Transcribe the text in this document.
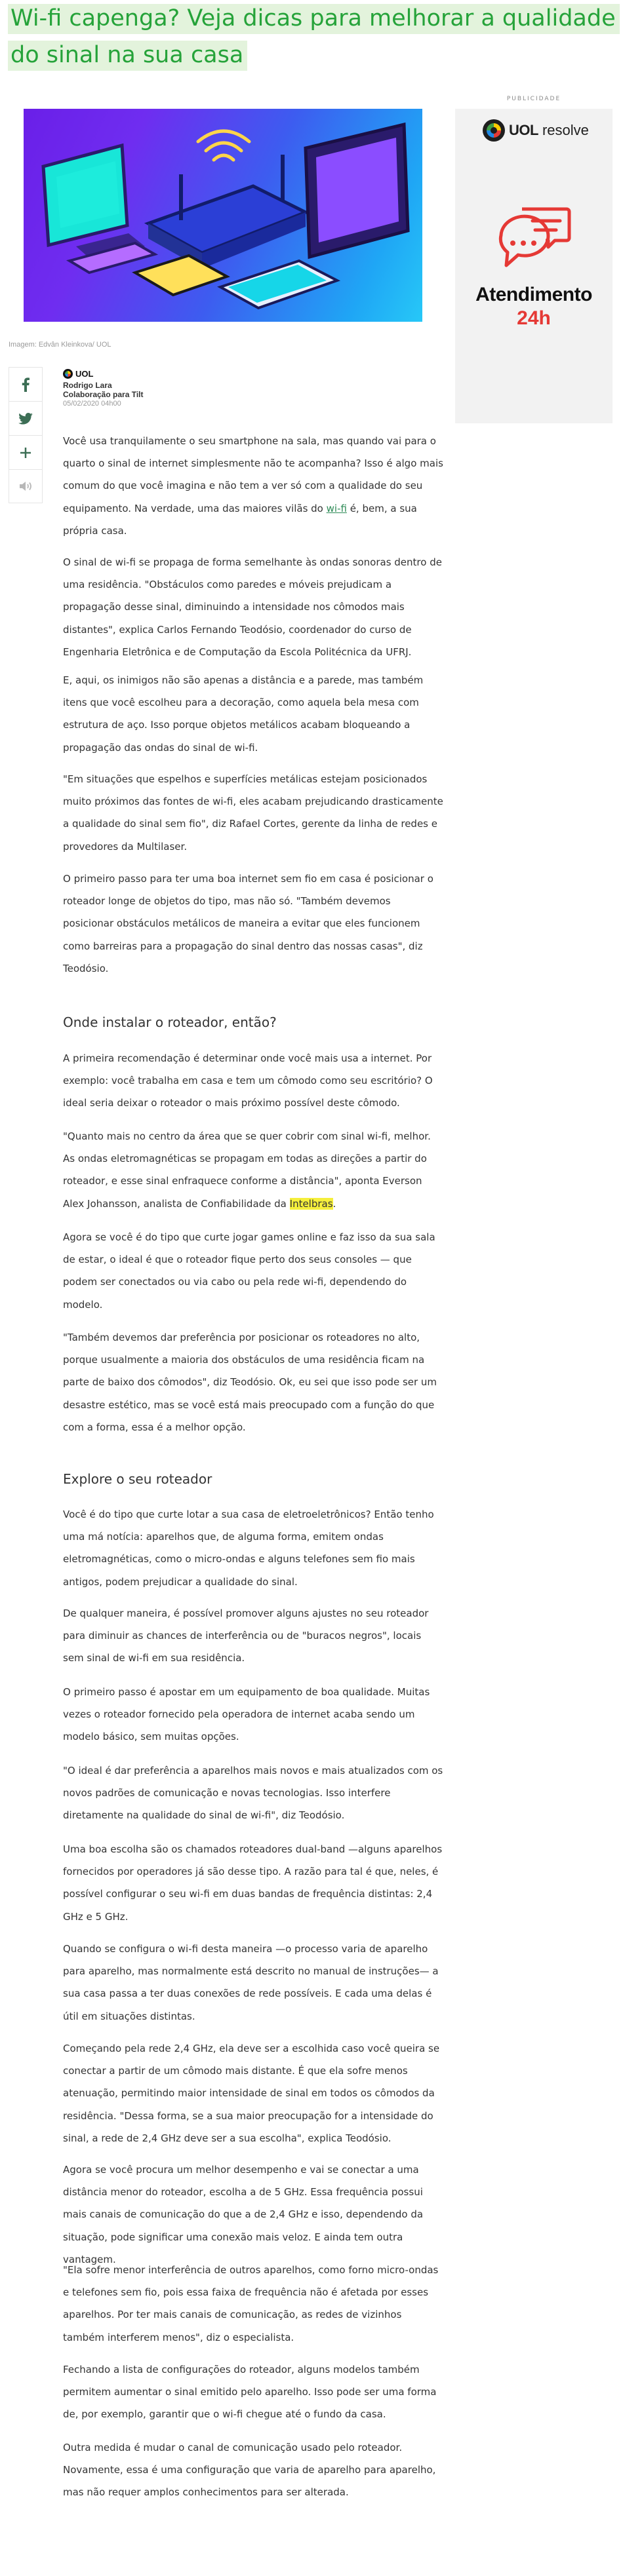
Wi-fi capenga? Veja dicas para melhorar a qualidade do sinal na sua casa
Imagem: Edvân Kleinkova/ UOL
PUBLICIDADE
UOL resolve
Atendimento
24h
UOL
Rodrigo Lara
Colaboração para Tilt
05/02/2020 04h00

Você usa tranquilamente o seu smartphone na sala, mas quando vai para o quarto o sinal de internet simplesmente não te acompanha? Isso é algo mais comum do que você imagina e não tem a ver só com a qualidade do seu equipamento. Na verdade, uma das maiores vilãs do wi-fi é, bem, a sua própria casa.

O sinal de wi-fi se propaga de forma semelhante às ondas sonoras dentro de uma residência. "Obstáculos como paredes e móveis prejudicam a propagação desse sinal, diminuindo a intensidade nos cômodos mais distantes", explica Carlos Fernando Teodósio, coordenador do curso de Engenharia Eletrônica e de Computação da Escola Politécnica da UFRJ.

E, aqui, os inimigos não são apenas a distância e a parede, mas também itens que você escolheu para a decoração, como aquela bela mesa com estrutura de aço. Isso porque objetos metálicos acabam bloqueando a propagação das ondas do sinal de wi-fi.

"Em situações que espelhos e superfícies metálicas estejam posicionados muito próximos das fontes de wi-fi, eles acabam prejudicando drasticamente a qualidade do sinal sem fio", diz Rafael Cortes, gerente da linha de redes e provedores da Multilaser.

O primeiro passo para ter uma boa internet sem fio em casa é posicionar o roteador longe de objetos do tipo, mas não só. "Também devemos posicionar obstáculos metálicos de maneira a evitar que eles funcionem como barreiras para a propagação do sinal dentro das nossas casas", diz Teodósio.

Onde instalar o roteador, então?

A primeira recomendação é determinar onde você mais usa a internet. Por exemplo: você trabalha em casa e tem um cômodo como seu escritório? O ideal seria deixar o roteador o mais próximo possível deste cômodo.

"Quanto mais no centro da área que se quer cobrir com sinal wi-fi, melhor. As ondas eletromagnéticas se propagam em todas as direções a partir do roteador, e esse sinal enfraquece conforme a distância", aponta Everson Alex Johansson, analista de Confiabilidade da Intelbras.

Agora se você é do tipo que curte jogar games online e faz isso da sua sala de estar, o ideal é que o roteador fique perto dos seus consoles — que podem ser conectados ou via cabo ou pela rede wi-fi, dependendo do modelo.

"Também devemos dar preferência por posicionar os roteadores no alto, porque usualmente a maioria dos obstáculos de uma residência ficam na parte de baixo dos cômodos", diz Teodósio. Ok, eu sei que isso pode ser um desastre estético, mas se você está mais preocupado com a função do que com a forma, essa é a melhor opção.

Explore o seu roteador

Você é do tipo que curte lotar a sua casa de eletroeletrônicos? Então tenho uma má notícia: aparelhos que, de alguma forma, emitem ondas eletromagnéticas, como o micro-ondas e alguns telefones sem fio mais antigos, podem prejudicar a qualidade do sinal.

De qualquer maneira, é possível promover alguns ajustes no seu roteador para diminuir as chances de interferência ou de "buracos negros", locais sem sinal de wi-fi em sua residência.

O primeiro passo é apostar em um equipamento de boa qualidade. Muitas vezes o roteador fornecido pela operadora de internet acaba sendo um modelo básico, sem muitas opções.

"O ideal é dar preferência a aparelhos mais novos e mais atualizados com os novos padrões de comunicação e novas tecnologias. Isso interfere diretamente na qualidade do sinal de wi-fi", diz Teodósio.

Uma boa escolha são os chamados roteadores dual-band —alguns aparelhos fornecidos por operadores já são desse tipo. A razão para tal é que, neles, é possível configurar o seu wi-fi em duas bandas de frequência distintas: 2,4 GHz e 5 GHz.

Quando se configura o wi-fi desta maneira —o processo varia de aparelho para aparelho, mas normalmente está descrito no manual de instruções— a sua casa passa a ter duas conexões de rede possíveis. E cada uma delas é útil em situações distintas.

Começando pela rede 2,4 GHz, ela deve ser a escolhida caso você queira se conectar a partir de um cômodo mais distante. É que ela sofre menos atenuação, permitindo maior intensidade de sinal em todos os cômodos da residência. "Dessa forma, se a sua maior preocupação for a intensidade do sinal, a rede de 2,4 GHz deve ser a sua escolha", explica Teodósio.

Agora se você procura um melhor desempenho e vai se conectar a uma distância menor do roteador, escolha a de 5 GHz. Essa frequência possui mais canais de comunicação do que a de 2,4 GHz e isso, dependendo da situação, pode significar uma conexão mais veloz. E ainda tem outra vantagem.

"Ela sofre menor interferência de outros aparelhos, como forno micro-ondas e telefones sem fio, pois essa faixa de frequência não é afetada por esses aparelhos. Por ter mais canais de comunicação, as redes de vizinhos também interferem menos", diz o especialista.

Fechando a lista de configurações do roteador, alguns modelos também permitem aumentar o sinal emitido pelo aparelho. Isso pode ser uma forma de, por exemplo, garantir que o wi-fi chegue até o fundo da casa.

Outra medida é mudar o canal de comunicação usado pelo roteador. Novamente, essa é uma configuração que varia de aparelho para aparelho, mas não requer amplos conhecimentos para ser alterada.
